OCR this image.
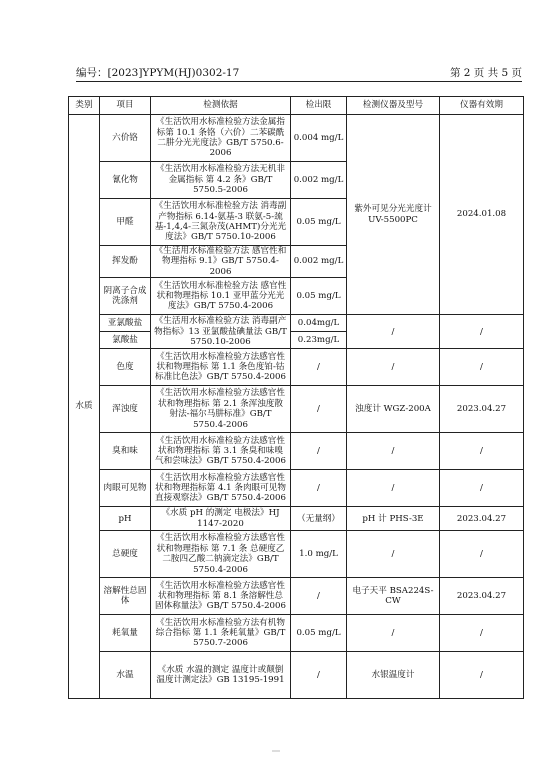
编号：[2023]YPYM(HJ)0302-17	第 2 页 共 5 页
类别	项目	检测依据	检出限	检测仪器及型号	仪器有效期
水质	六价铬	《生活饮用水标准检验方法金属指标第 10.1 条铬（六价）二苯碳酰二肼分光光度法》GB/T 5750.6-2006	0.004 mg/L	紫外可见分光光度计 UV-5500PC	2024.01.08
	氰化物	《生活饮用水标准检验方法无机非金属指标 第 4.2 条》GB/T 5750.5-2006	0.002 mg/L		
	甲醛	《生活饮用水标准检验方法 消毒副产物指标 6.14-氨基-3 联氨-5-巯基-1,4,4-三氮杂茂(AHMT)分光光度法》GB/T 5750.10-2006	0.05 mg/L		
	挥发酚	《生活用水标准检验方法 感官性和物理指标 9.1》GB/T 5750.4-2006	0.002 mg/L		
	阴离子合成洗涤剂	《生活饮用水标准检验方法 感官性状和物理指标 10.1 亚甲蓝分光光度法》GB/T 5750.4-2006	0.05 mg/L		
	亚氯酸盐	《生活用水标准检验方法 消毒副产物指标》13 亚氯酸盐碘量法 GB/T 5750.10-2006	0.04mg/L	/	/
	氯酸盐		0.23mg/L		
	色度	《生活饮用水标准检验方法感官性状和物理指标 第 1.1 条色度铂-钴标准比色法》GB/T 5750.4-2006	/	/	/
	浑浊度	《生活饮用水标准检验方法感官性状和物理指标 第 2.1 条浑浊度散射法-福尔马肼标准》GB/T 5750.4-2006	/	浊度计 WGZ-200A	2023.04.27
	臭和味	《生活饮用水标准检验方法感官性状和物理指标 第 3.1 条臭和味嗅气和尝味法》GB/T 5750.4-2006	/	/	/
	肉眼可见物	《生活饮用水标准检验方法感官性状和物理指标第 4.1 条肉眼可见物直接观察法》GB/T 5750.4-2006	/	/	/
	pH	《水质 pH 的测定 电极法》HJ 1147-2020	（无量纲）	pH 计 PHS-3E	2023.04.27
	总硬度	《生活饮用水标准检验方法感官性状和物理指标 第 7.1 条 总硬度乙二胺四乙酸二钠滴定法》GB/T 5750.4-2006	1.0 mg/L	/	/
	溶解性总固体	《生活饮用水标准检验方法感官性状和物理指标 第 8.1 条溶解性总固体称量法》GB/T 5750.4-2006	/	电子天平 BSA224S-CW	2023.04.27
	耗氧量	《生活饮用水标准检验方法有机物综合指标 第 1.1 条耗氧量》GB/T 5750.7-2006	0.05 mg/L	/	/
	水温	《水质 水温的测定 温度计或颠倒温度计测定法》GB 13195-1991	/	水银温度计	/
